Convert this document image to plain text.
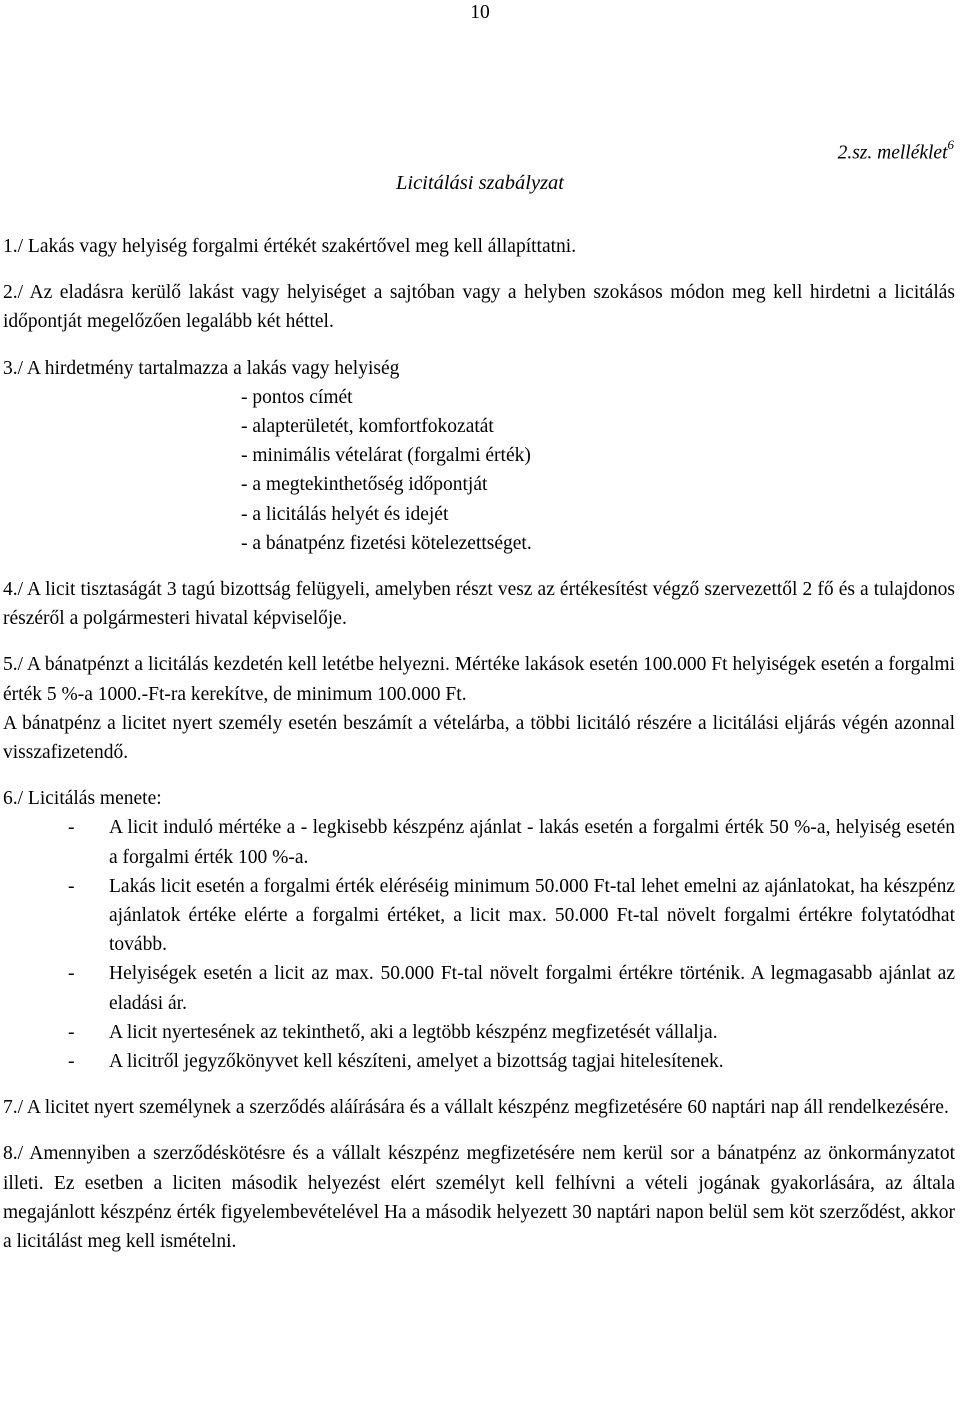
10
2.sz. melléklet$^6$
Licitálási szabályzat

1./ Lakás vagy helyiség forgalmi értékét szakértővel meg kell állapíttatni.

2./ Az eladásra kerülő lakást vagy helyiséget a sajtóban vagy a helyben szokásos módon meg kell hirdetni a licitálás időpontját megelőzően legalább két héttel.

3./ A hirdetmény tartalmazza a lakás vagy helyiség

- pontos címét

- alapterületét, komfortfokozatát

- minimális vételárat (forgalmi érték)

- a megtekinthetőség időpontját

- a licitálás helyét és idejét

- a bánatpénz fizetési kötelezettséget.

4./ A licit tisztaságát 3 tagú bizottság felügyeli, amelyben részt vesz az értékesítést végző szervezettől 2 fő és a tulajdonos részéről a polgármesteri hivatal képviselője.

5./ A bánatpénzt a licitálás kezdetén kell letétbe helyezni. Mértéke lakások esetén 100.000 Ft helyiségek esetén a forgalmi érték 5 %-a 1000.-Ft-ra kerekítve, de minimum 100.000 Ft.

A bánatpénz a licitet nyert személy esetén beszámít a vételárba, a többi licitáló részére a licitálási eljárás végén azonnal visszafizetendő.

6./ Licitálás menete:

- A licit induló mértéke a - legkisebb készpénz ajánlat - lakás esetén a forgalmi érték 50 %-a, helyiség esetén a forgalmi érték 100 %-a.
- Lakás licit esetén a forgalmi érték eléréséig minimum 50.000 Ft-tal lehet emelni az ajánlatokat, ha készpénz ajánlatok értéke elérte a forgalmi értéket, a licit max. 50.000 Ft-tal növelt forgalmi értékre folytatódhat tovább.
- Helyiségek esetén a licit az max. 50.000 Ft-tal növelt forgalmi értékre történik. A legmagasabb ajánlat az eladási ár.
- A licit nyertesének az tekinthető, aki a legtöbb készpénz megfizetését vállalja.
- A licitről jegyzőkönyvet kell készíteni, amelyet a bizottság tagjai hitelesítenek.

7./ A licitet nyert személynek a szerződés aláírására és a vállalt készpénz megfizetésére 60 naptári nap áll rendelkezésére.

8./ Amennyiben a szerződéskötésre és a vállalt készpénz megfizetésére nem kerül sor a bánatpénz az önkormányzatot illeti. Ez esetben a liciten második helyezést elért személyt kell felhívni a vételi jogának gyakorlására, az általa megajánlott készpénz érték figyelembevételével Ha a második helyezett 30 naptári napon belül sem köt szerződést, akkor a licitálást meg kell ismételni.
